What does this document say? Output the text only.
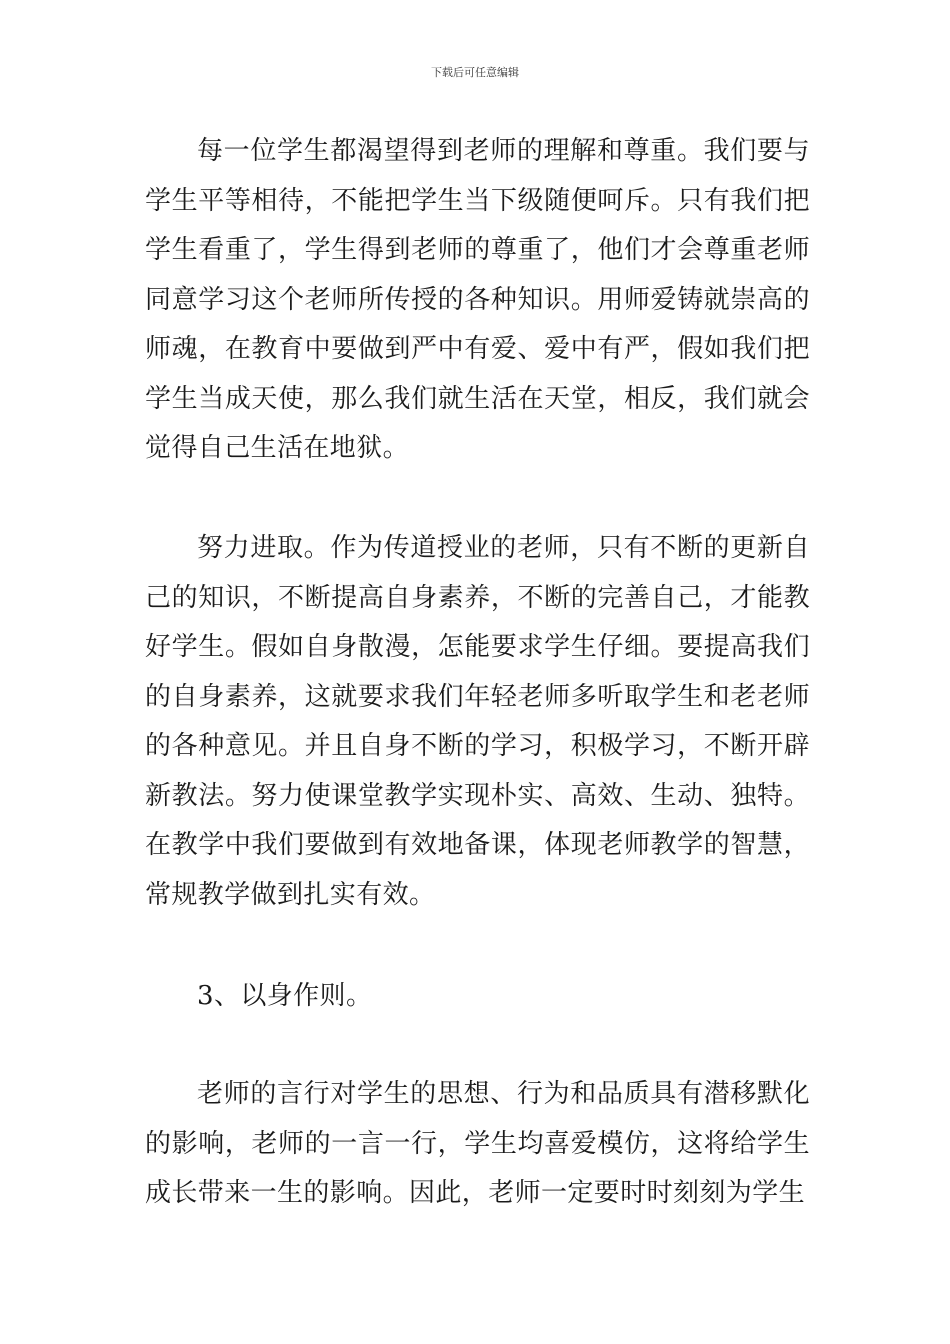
下载后可任意编辑

每一位学生都渴望得到老师的理解和尊重。我们要与学生平等相待，不能把学生当下级随便呵斥。只有我们把学生看重了，学生得到老师的尊重了，他们才会尊重老师同意学习这个老师所传授的各种知识。用师爱铸就崇高的师魂，在教育中要做到严中有爱、爱中有严，假如我们把学生当成天使，那么我们就生活在天堂，相反，我们就会觉得自己生活在地狱。

努力进取。作为传道授业的老师，只有不断的更新自己的知识，不断提高自身素养，不断的完善自己，才能教好学生。假如自身散漫，怎能要求学生仔细。要提高我们的自身素养，这就要求我们年轻老师多听取学生和老老师的各种意见。并且自身不断的学习，积极学习，不断开辟新教法。努力使课堂教学实现朴实、高效、生动、独特。在教学中我们要做到有效地备课，体现老师教学的智慧，常规教学做到扎实有效。

3、以身作则。

老师的言行对学生的思想、行为和品质具有潜移默化的影响，老师的一言一行，学生均喜爱模仿，这将给学生成长带来一生的影响。因此，老师一定要时时刻刻为学生
